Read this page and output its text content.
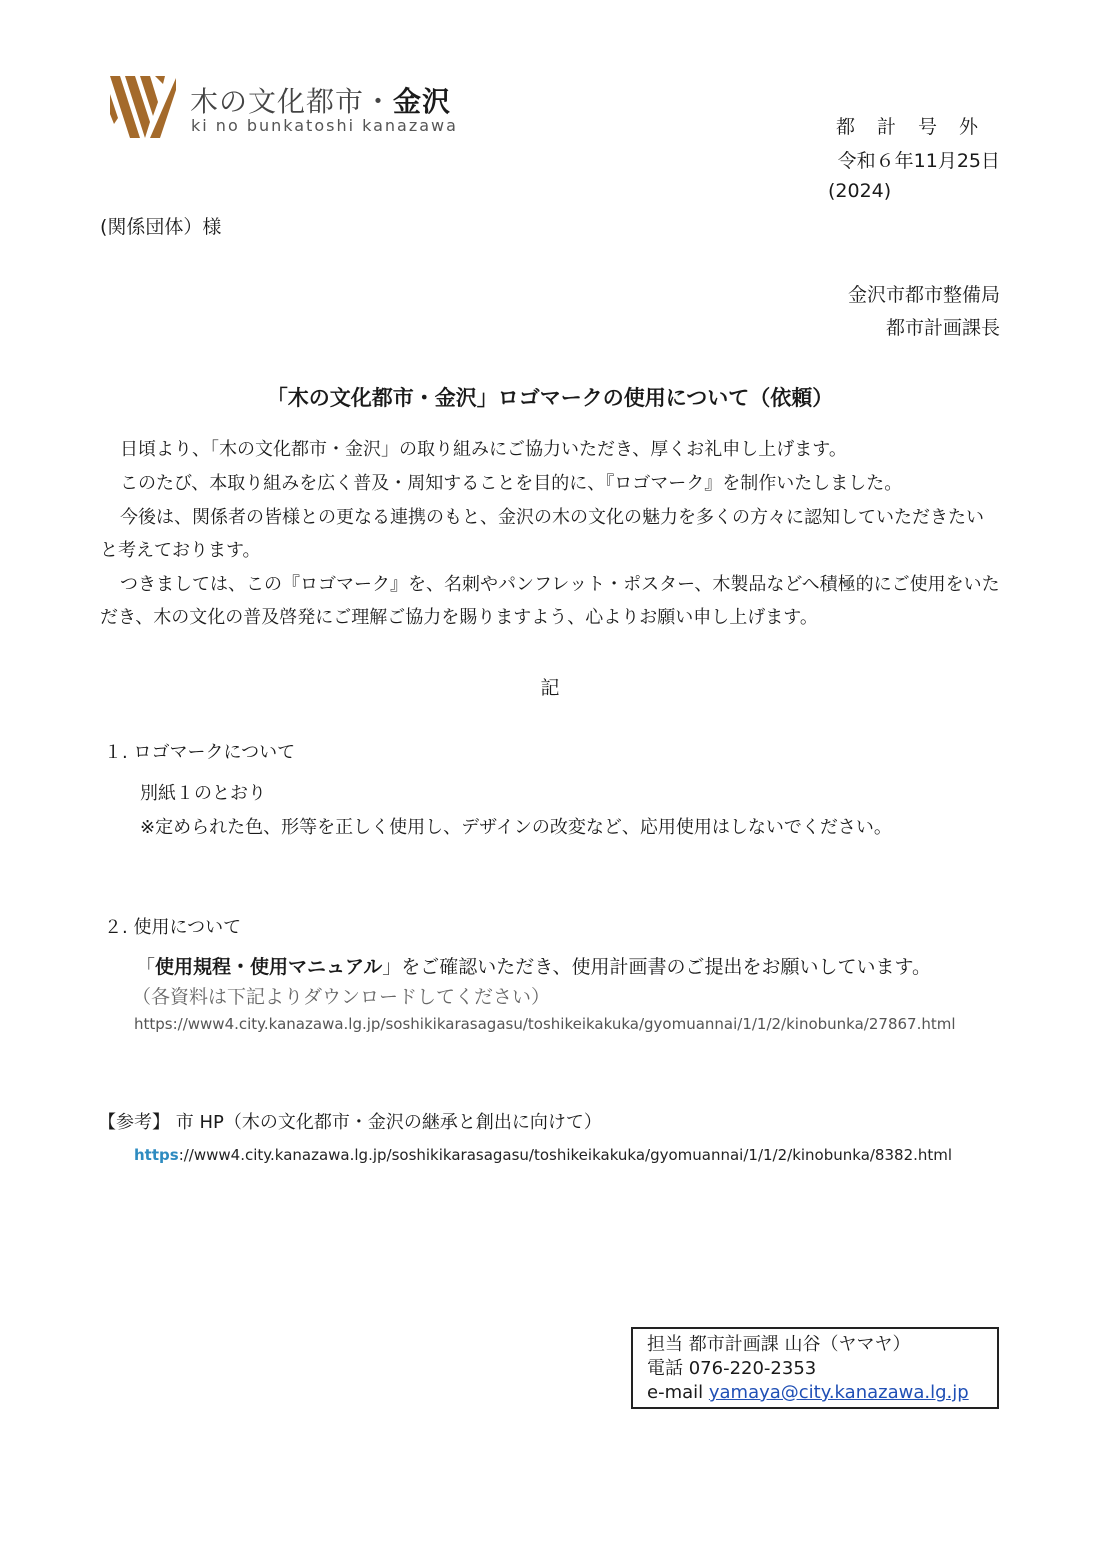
木の文化都市・金沢
ki no bunkatoshi kanazawa	都計号外
令和６年11月25日
(2024)
(関係団体）様
金沢市都市整備局
都市計画課長
「木の文化都市・金沢」ロゴマークの使用について（依頼）
日頃より、「木の文化都市・金沢」の取り組みにご協力いただき、厚くお礼申し上げます。
このたび、本取り組みを広く普及・周知することを目的に、『ロゴマーク』を制作いたしました。
今後は、関係者の皆様との更なる連携のもと、金沢の木の文化の魅力を多くの方々に認知していただきたいと考えております。
つきましては、この『ロゴマーク』を、名刺やパンフレット・ポスター、木製品などへ積極的にご使用をいただき、木の文化の普及啓発にご理解ご協力を賜りますよう、心よりお願い申し上げます。
記
１. ロゴマークについて
別紙１のとおり
※定められた色、形等を正しく使用し、デザインの改変など、応用使用はしないでください。
２. 使用について
「使用規程・使用マニュアル」をご確認いただき、使用計画書のご提出をお願いしています。
（各資料は下記よりダウンロードしてください）
https://www4.city.kanazawa.lg.jp/soshikikarasagasu/toshikeikakuka/gyomuannai/1/1/2/kinobunka/27867.html
【参考】 市 HP（木の文化都市・金沢の継承と創出に向けて）
https://www4.city.kanazawa.lg.jp/soshikikarasagasu/toshikeikakuka/gyomuannai/1/1/2/kinobunka/8382.html
担当 都市計画課 山谷（ヤマヤ）
電話 076-220-2353
e-mail yamaya@city.kanazawa.lg.jp
